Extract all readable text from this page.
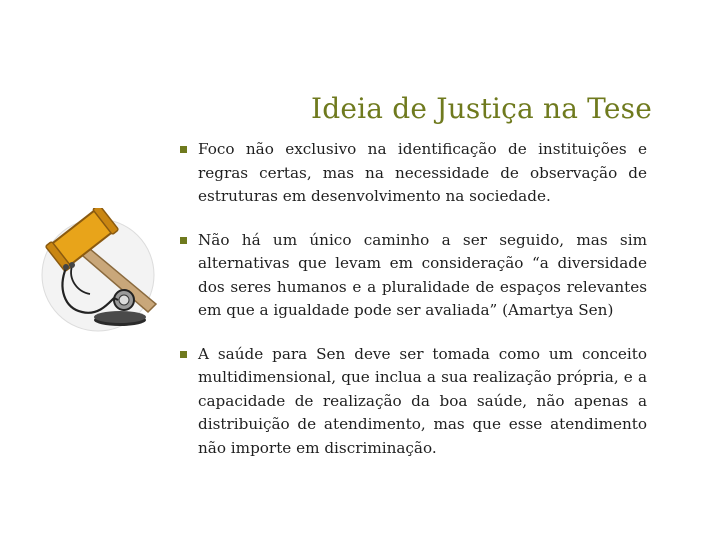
Ideia de Justiça na Tese
Foco não exclusivo na identificação de instituições e regras certas, mas na necessidade de observação de estruturas em desenvolvimento na sociedade.
Não há um único caminho a ser seguido, mas sim alternativas que levam em consideração “a diversidade dos seres humanos e a pluralidade de espaços relevantes em que a igualdade pode ser avaliada” (Amartya Sen)
A saúde para Sen deve ser tomada como um conceito multidimensional, que inclua a sua realização própria, e a capacidade de realização da boa saúde, não apenas a distribuição de atendimento, mas que esse atendimento não importe em discriminação.
